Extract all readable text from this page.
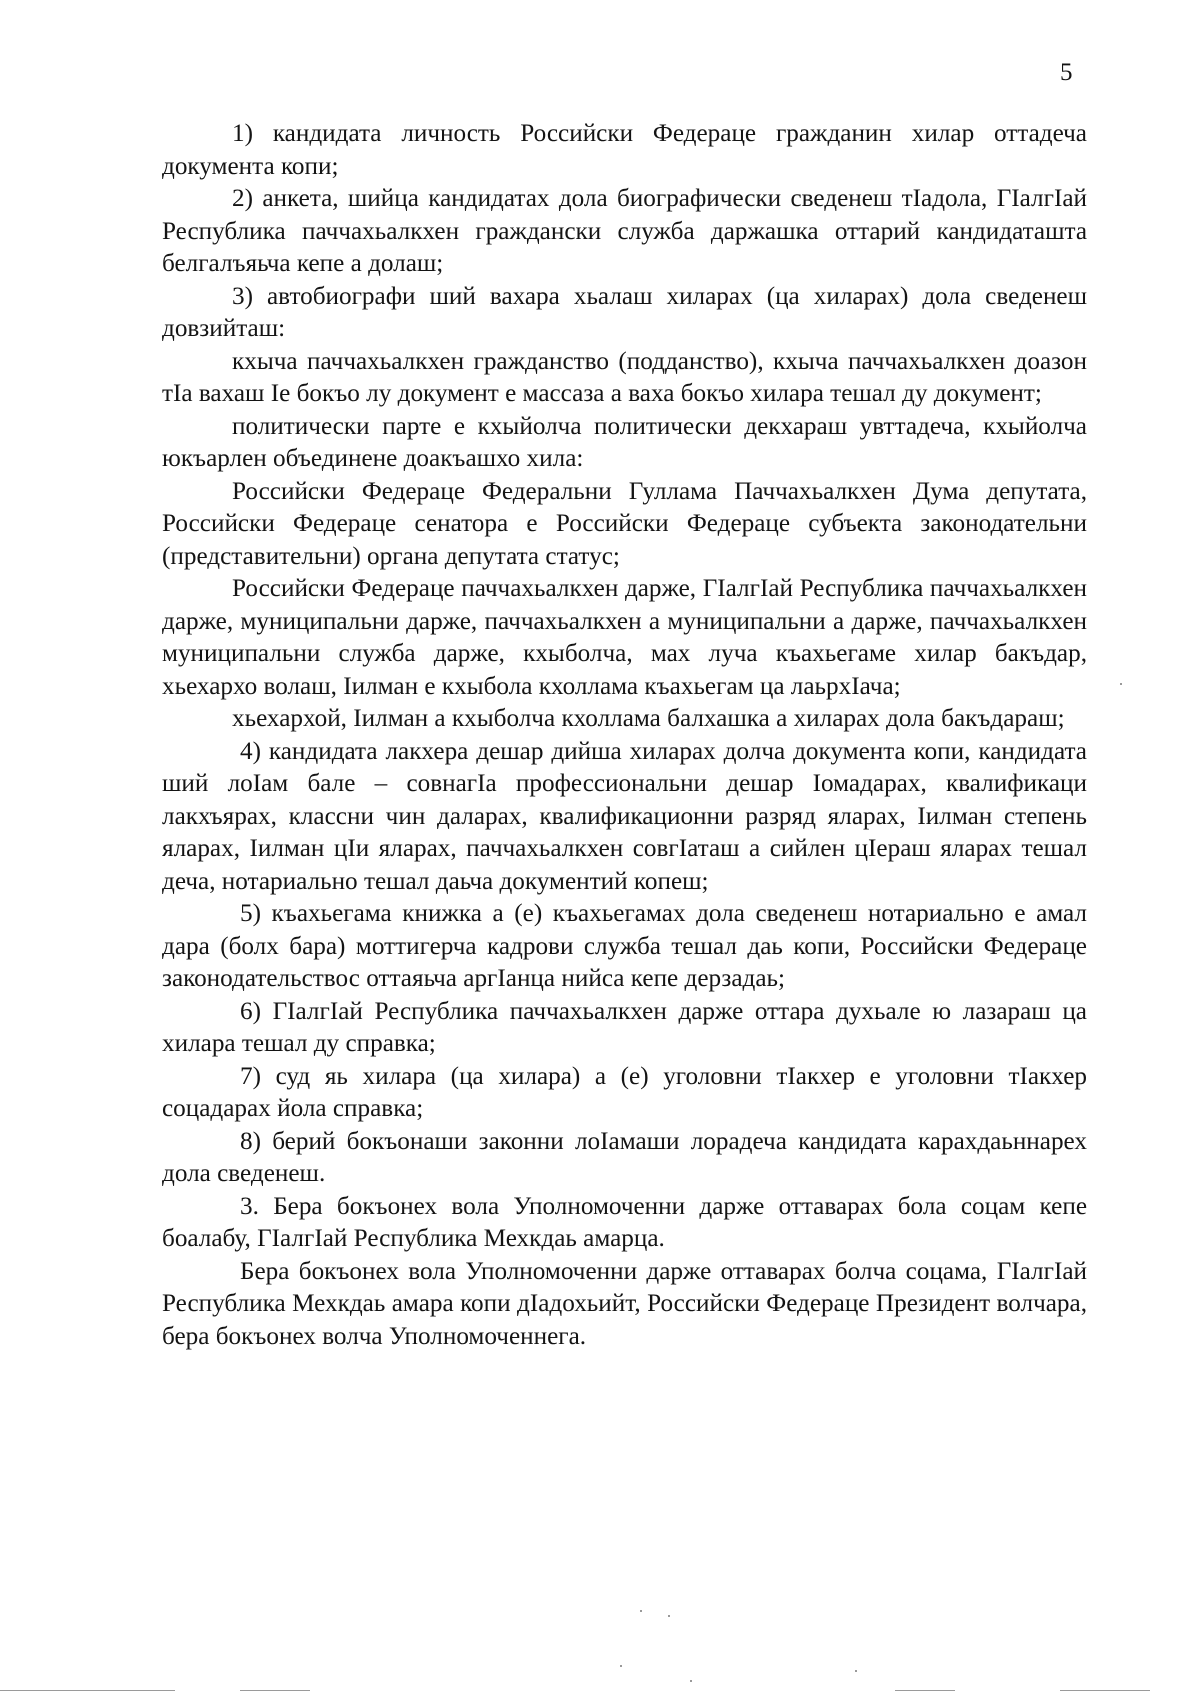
5

1) кандидата личность Российски Федераце гражданин хилар оттадеча документа копи;

2) анкета, шийца кандидатах дола биографически сведенеш тIадола, ГIалгIай Республика паччахьалкхен граждански служба даржашка оттарий кандидаташта белгалъяьча кепе а долаш;

3) автобиографи ший вахара хьалаш хиларах (ца хиларах) дола сведенеш довзийташ:

кхыча паччахьалкхен гражданство (подданство), кхыча паччахьалкхен доазон тIа вахаш Iе бокъо лу документ е массаза а ваха бокъо хилара тешал ду документ;

политически парте е кхыйолча политически декхараш увттадеча, кхыйолча юкъарлен объединене доакъашхо хила:

Российски Федераце Федеральни Гуллама Паччахьалкхен Дума депутата, Российски Федераце сенатора е Российски Федераце субъекта законодательни (представительни) органа депутата статус;

Российски Федераце паччахьалкхен дарже, ГIалгIай Республика паччахьалкхен дарже, муниципальни дарже, паччахьалкхен а муниципальни а дарже, паччахьалкхен муниципальни служба дарже, кхыболча, мах луча къахьегаме хилар бакъдар, хьехархо волаш, Iилман е кхыбола кхоллама къахьегам ца лаьрхIача;

хьехархой, Iилман а кхыболча кхоллама балхашка а хиларах дола бакъдараш;

4) кандидата лакхера дешар дийша хиларах долча документа копи, кандидата ший лоIам бале – совнагIа профессиональни дешар Iомадарах, квалификаци лакхъярах, классни чин даларах, квалификационни разряд яларах, Iилман степень яларах, Iилман цIи яларах, паччахьалкхен совгIаташ а сийлен цIераш яларах тешал деча, нотариально тешал даьча документий копеш;

5) къахьегама книжка а (е) къахьегамах дола сведенеш нотариально е амал дара (болх бара) моттигерча кадрови служба тешал даь копи, Российски Федераце законодательствос оттаяьча аргIанца нийса кепе дерзадаь;

6) ГIалгIай Республика паччахьалкхен дарже оттара духьале ю лазараш ца хилара тешал ду справка;

7) суд яь хилара (ца хилара) а (е) уголовни тIакхер е уголовни тIакхер соцадарах йола справка;

8) берий бокъонаши законни лоIамаши лорадеча кандидата карахдаьннарех дола сведенеш.

3. Бера бокъонех вола Уполномоченни дарже оттаварах бола соцам кепе боалабу, ГIалгIай Республика Мехкдаь амарца.

Бера бокъонех вола Уполномоченни дарже оттаварах болча соцама, ГIалгIай Республика Мехкдаь амара копи дIадохьийт, Российски Федераце Президент волчара, бера бокъонех волча Уполномоченнега.
